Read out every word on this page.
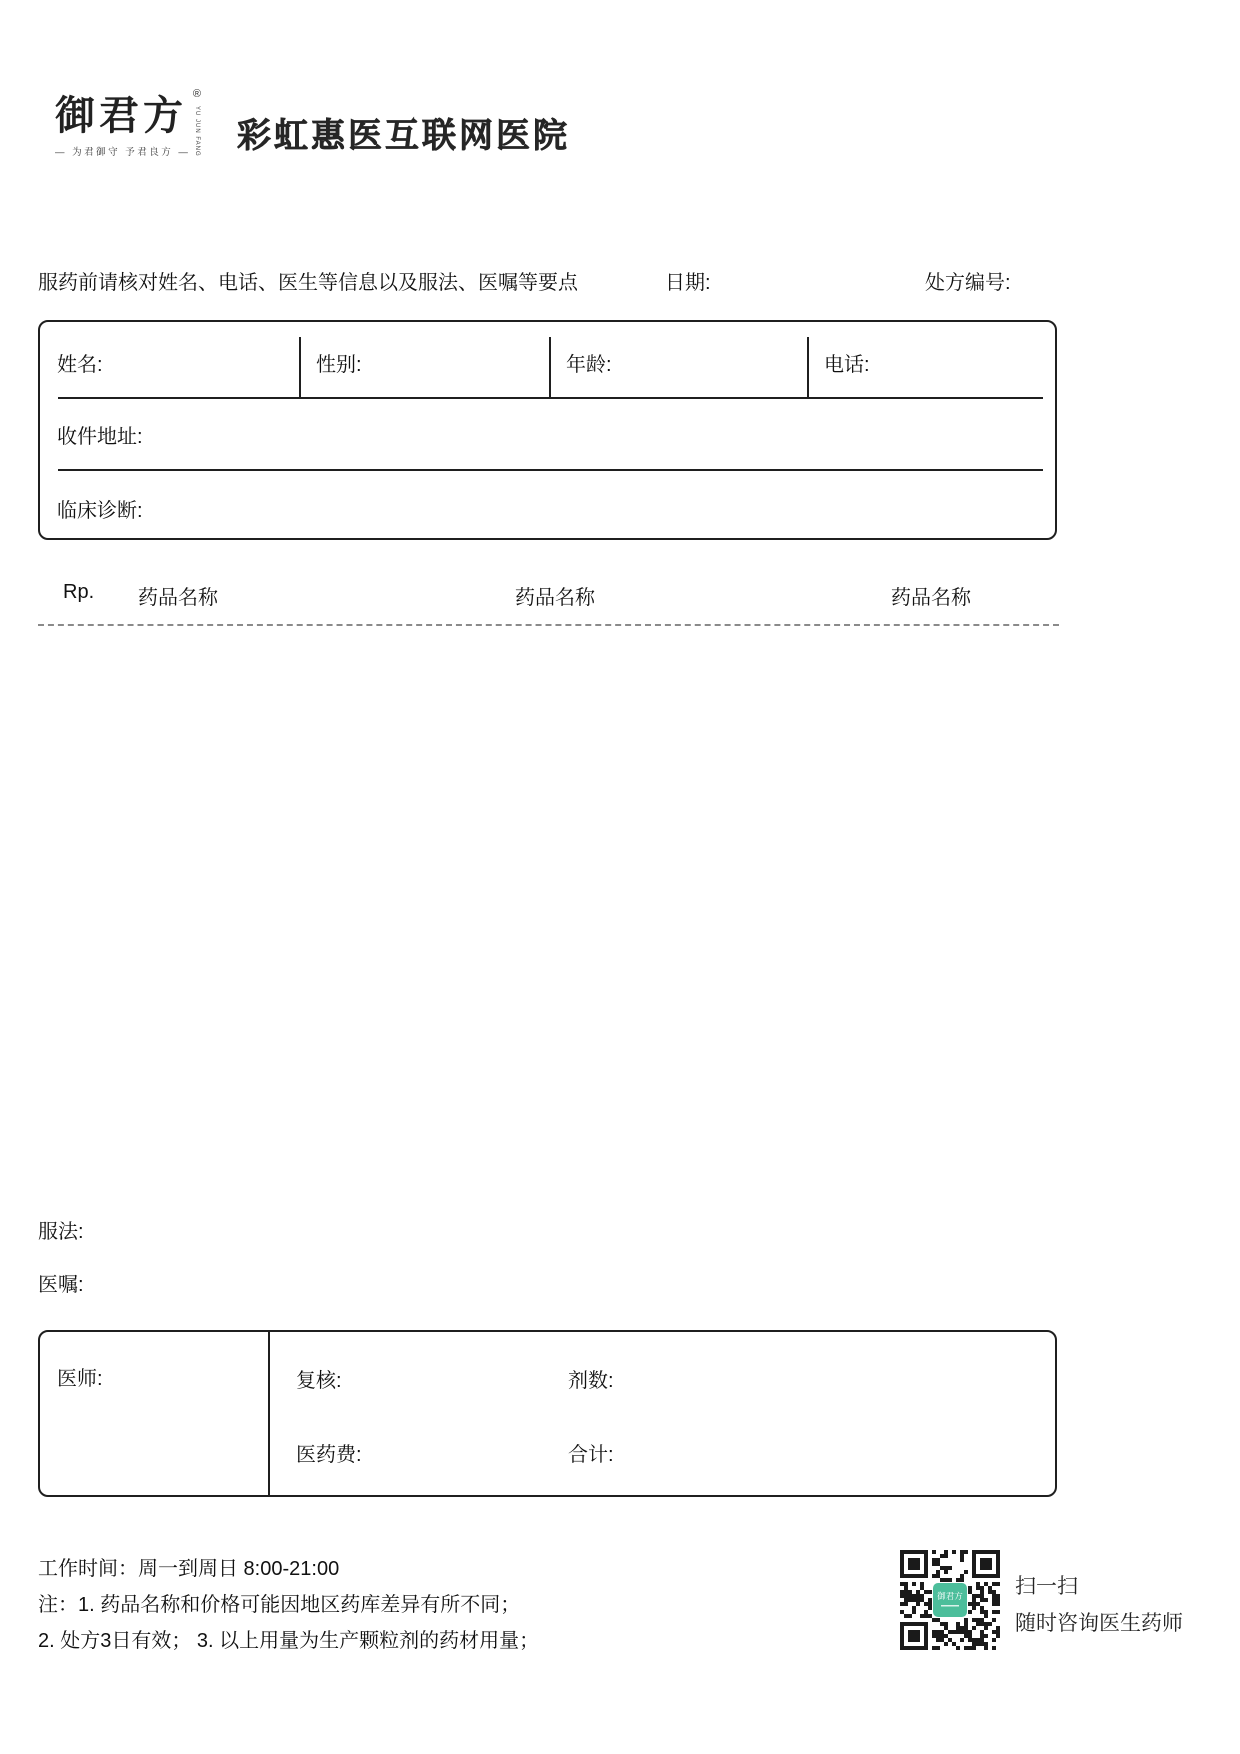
御君方 ®
YU JUN FANG
— 为君御守 予君良方 — 彩虹惠医互联网医院
服药前请核对姓名、电话、医生等信息以及服法、医嘱等要点	日期:	处方编号:
姓名:	性别:	年龄:	电话:
收件地址:
临床诊断:
Rp. 药品名称	药品名称	药品名称
服法:
医嘱:
医师:	复核:	剂数:
医药费:	合计:
工作时间：周一到周日 8:00-21:00
注：1. 药品名称和价格可能因地区药库差异有所不同；
2. 处方3日有效； 3. 以上用量为生产颗粒剂的药材用量；
御君方 扫一扫
随时咨询医生药师
